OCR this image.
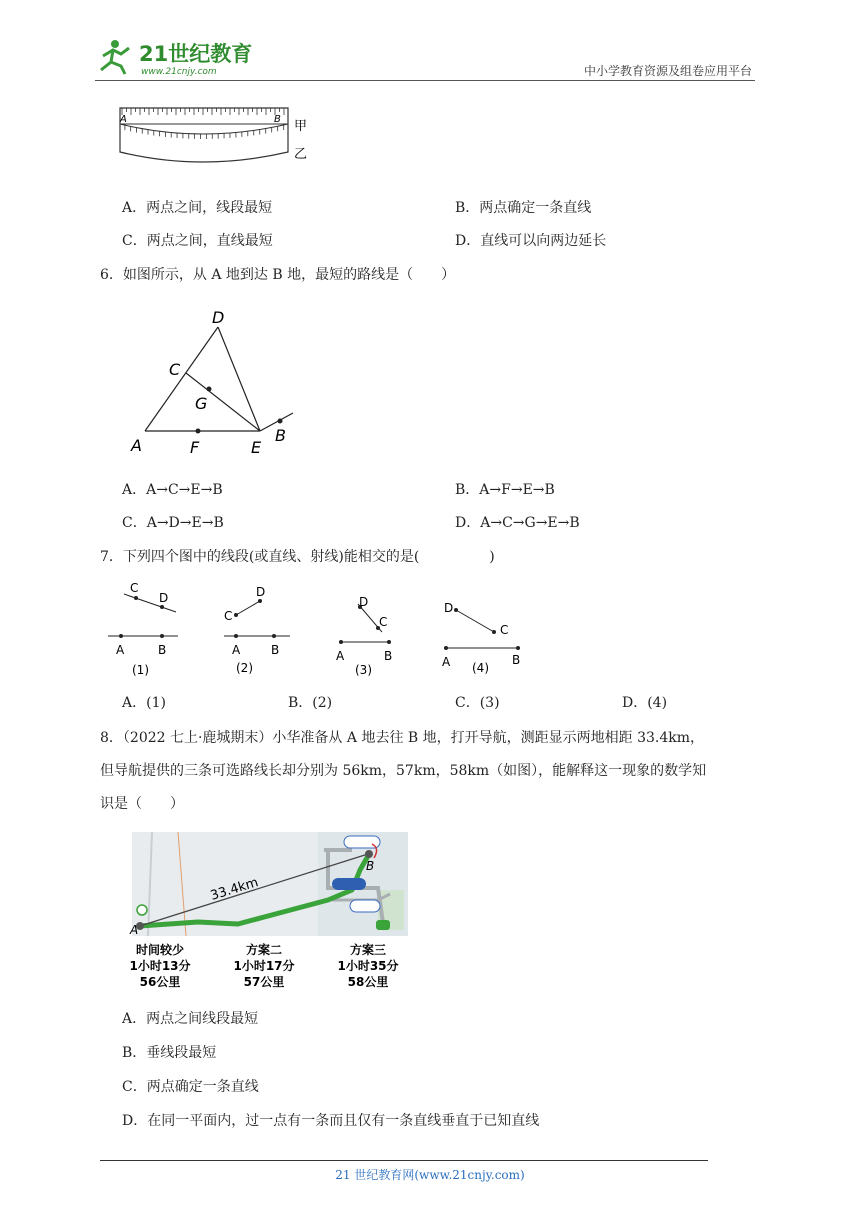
21世纪教育
www.21cnjy.com	中小学教育资源及组卷应用平台
A	B 甲
乙
A．两点之间，线段最短	B．两点确定一条直线
C．两点之间，直线最短	D．直线可以向两边延长
6．如图所示，从 A 地到达 B 地，最短的路线是（　　）
D
C
G
A	F	E
B
A．A→C→E→B	B．A→F→E→B
C．A→D→E→B	D．A→C→G→E→B
7．下列四个图中的线段(或直线、射线)能相交的是(　　　　　)
C
D
A	B
(1)
C
D
A	B
(2)
D
C
A	B
(3)
D
C
A	B
(4)
A．(1)	B．(2)	C．(3)	D．(4)
8．（2022 七上·鹿城期末）小华准备从 A 地去往 B 地，打开导航，测距显示两地相距 33.4km，
但导航提供的三条可选路线长却分别为 56km，57km，58km（如图），能解释这一现象的数学知
识是（　　）
33.4km
A
B
时间较少
1小时13分
56公里
方案二
1小时17分
57公里
方案三
1小时35分
58公里
A．两点之间线段最短
B．垂线段最短
C．两点确定一条直线
D．在同一平面内，过一点有一条而且仅有一条直线垂直于已知直线
21 世纪教育网(www.21cnjy.com)
